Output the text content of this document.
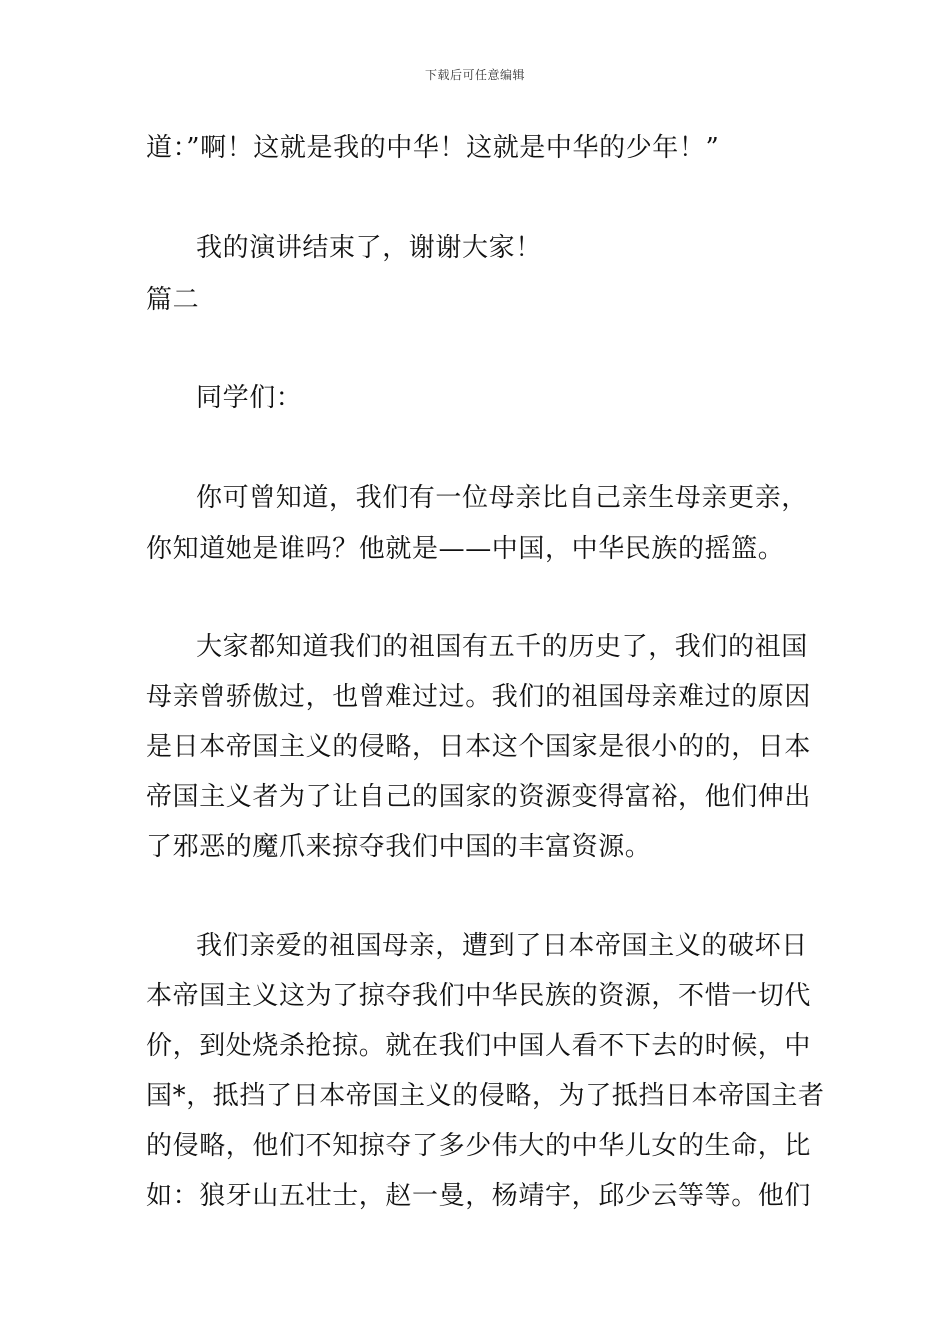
下载后可任意编辑
道：”啊！这就是我的中华！这就是中华的少年！”
我的演讲结束了，谢谢大家！
篇二
同学们：
你可曾知道，我们有一位母亲比自己亲生母亲更亲，
你知道她是谁吗？他就是——中国，中华民族的摇篮。
大家都知道我们的祖国有五千的历史了，我们的祖国
母亲曾骄傲过，也曾难过过。我们的祖国母亲难过的原因
是日本帝国主义的侵略，日本这个国家是很小的的，日本
帝国主义者为了让自己的国家的资源变得富裕，他们伸出
了邪恶的魔爪来掠夺我们中国的丰富资源。
我们亲爱的祖国母亲，遭到了日本帝国主义的破坏日
本帝国主义这为了掠夺我们中华民族的资源，不惜一切代
价，到处烧杀抢掠。就在我们中国人看不下去的时候，中
国*，抵挡了日本帝国主义的侵略，为了抵挡日本帝国主者
的侵略，他们不知掠夺了多少伟大的中华儿女的生命，比
如：狼牙山五壮士，赵一曼，杨靖宇，邱少云等等。他们
